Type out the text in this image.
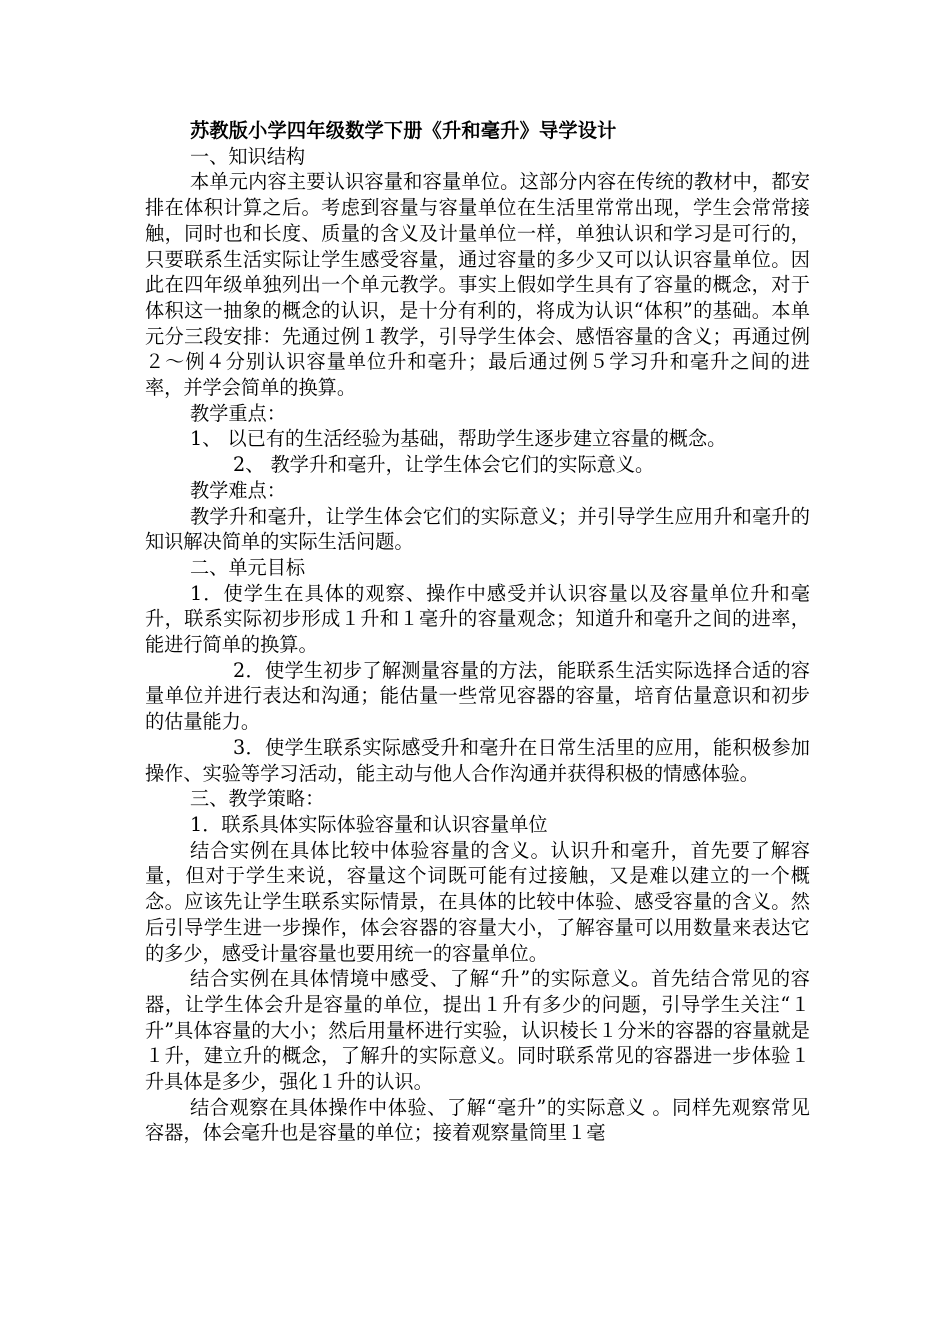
苏教版小学四年级数学下册《升和毫升》导学设计

一、知识结构

本单元内容主要认识容量和容量单位。这部分内容在传统的教材中，都安排在体积计算之后。考虑到容量与容量单位在生活里常常出现，学生会常常接触，同时也和长度、质量的含义及计量单位一样，单独认识和学习是可行的，只要联系生活实际让学生感受容量，通过容量的多少又可以认识容量单位。因此在四年级单独列出一个单元教学。事实上假如学生具有了容量的概念，对于体积这一抽象的概念的认识，是十分有利的，将成为认识“体积”的基础。本单元分三段安排：先通过例１教学，引导学生体会、感悟容量的含义；再通过例２～例４分别认识容量单位升和毫升；最后通过例５学习升和毫升之间的进率，并学会简单的换算。

教学重点：

1、 以已有的生活经验为基础，帮助学生逐步建立容量的概念。

2、 教学升和毫升，让学生体会它们的实际意义。

教学难点：

教学升和毫升，让学生体会它们的实际意义；并引导学生应用升和毫升的知识解决简单的实际生活问题。

二、单元目标

1．使学生在具体的观察、操作中感受并认识容量以及容量单位升和毫升，联系实际初步形成１升和１毫升的容量观念；知道升和毫升之间的进率，能进行简单的换算。

2．使学生初步了解测量容量的方法，能联系生活实际选择合适的容量单位并进行表达和沟通；能估量一些常见容器的容量，培育估量意识和初步的估量能力。

3．使学生联系实际感受升和毫升在日常生活里的应用，能积极参加操作、实验等学习活动，能主动与他人合作沟通并获得积极的情感体验。

三、教学策略：

1．联系具体实际体验容量和认识容量单位

结合实例在具体比较中体验容量的含义。认识升和毫升，首先要了解容量，但对于学生来说，容量这个词既可能有过接触，又是难以建立的一个概念。应该先让学生联系实际情景，在具体的比较中体验、感受容量的含义。然后引导学生进一步操作，体会容器的容量大小，了解容量可以用数量来表达它的多少，感受计量容量也要用统一的容量单位。

结合实例在具体情境中感受、了解“升”的实际意义。首先结合常见的容器，让学生体会升是容量的单位，提出１升有多少的问题，引导学生关注“１升”具体容量的大小；然后用量杯进行实验，认识棱长１分米的容器的容量就是１升，建立升的概念，了解升的实际意义。同时联系常见的容器进一步体验１升具体是多少，强化１升的认识。

结合观察在具体操作中体验、了解“毫升”的实际意义 。同样先观察常见容器，体会毫升也是容量的单位；接着观察量筒里１毫
